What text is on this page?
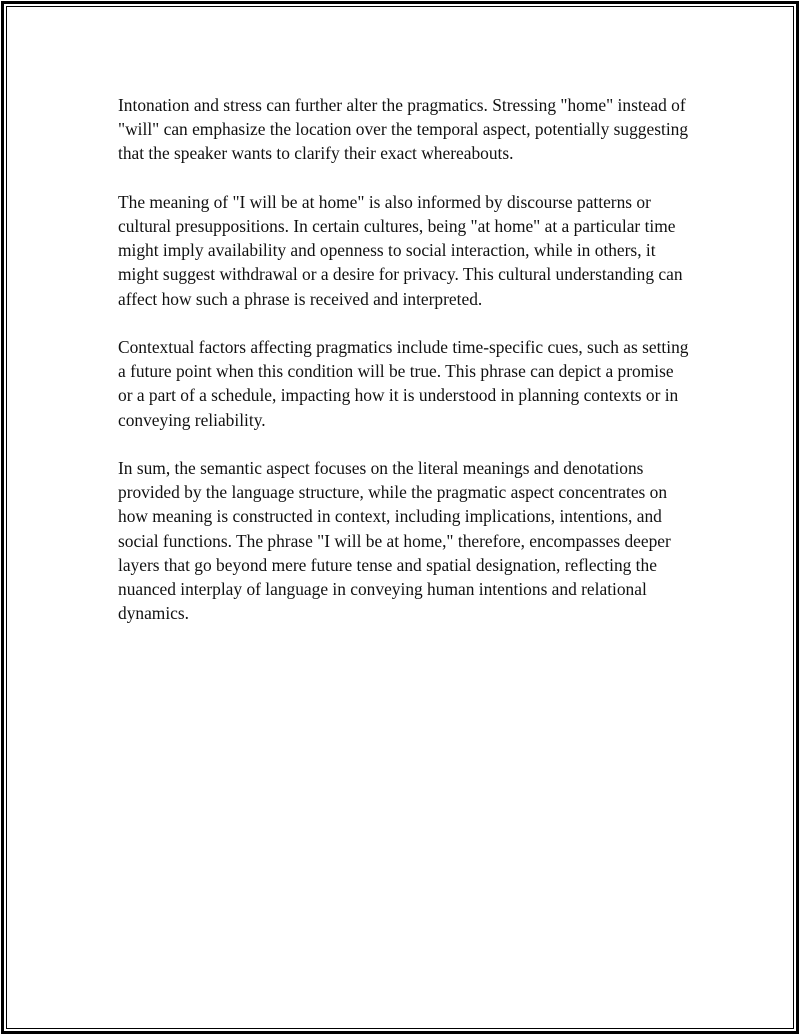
Intonation and stress can further alter the pragmatics. Stressing "home" instead of "will" can emphasize the location over the temporal aspect, potentially suggesting that the speaker wants to clarify their exact whereabouts.

The meaning of "I will be at home" is also informed by discourse patterns or cultural presuppositions. In certain cultures, being "at home" at a particular time might imply availability and openness to social interaction, while in others, it might suggest withdrawal or a desire for privacy. This cultural understanding can affect how such a phrase is received and interpreted.

Contextual factors affecting pragmatics include time-specific cues, such as setting a future point when this condition will be true. This phrase can depict a promise or a part of a schedule, impacting how it is understood in planning contexts or in conveying reliability.

In sum, the semantic aspect focuses on the literal meanings and denotations provided by the language structure, while the pragmatic aspect concentrates on how meaning is constructed in context, including implications, intentions, and social functions. The phrase "I will be at home," therefore, encompasses deeper layers that go beyond mere future tense and spatial designation, reflecting the nuanced interplay of language in conveying human intentions and relational dynamics.
